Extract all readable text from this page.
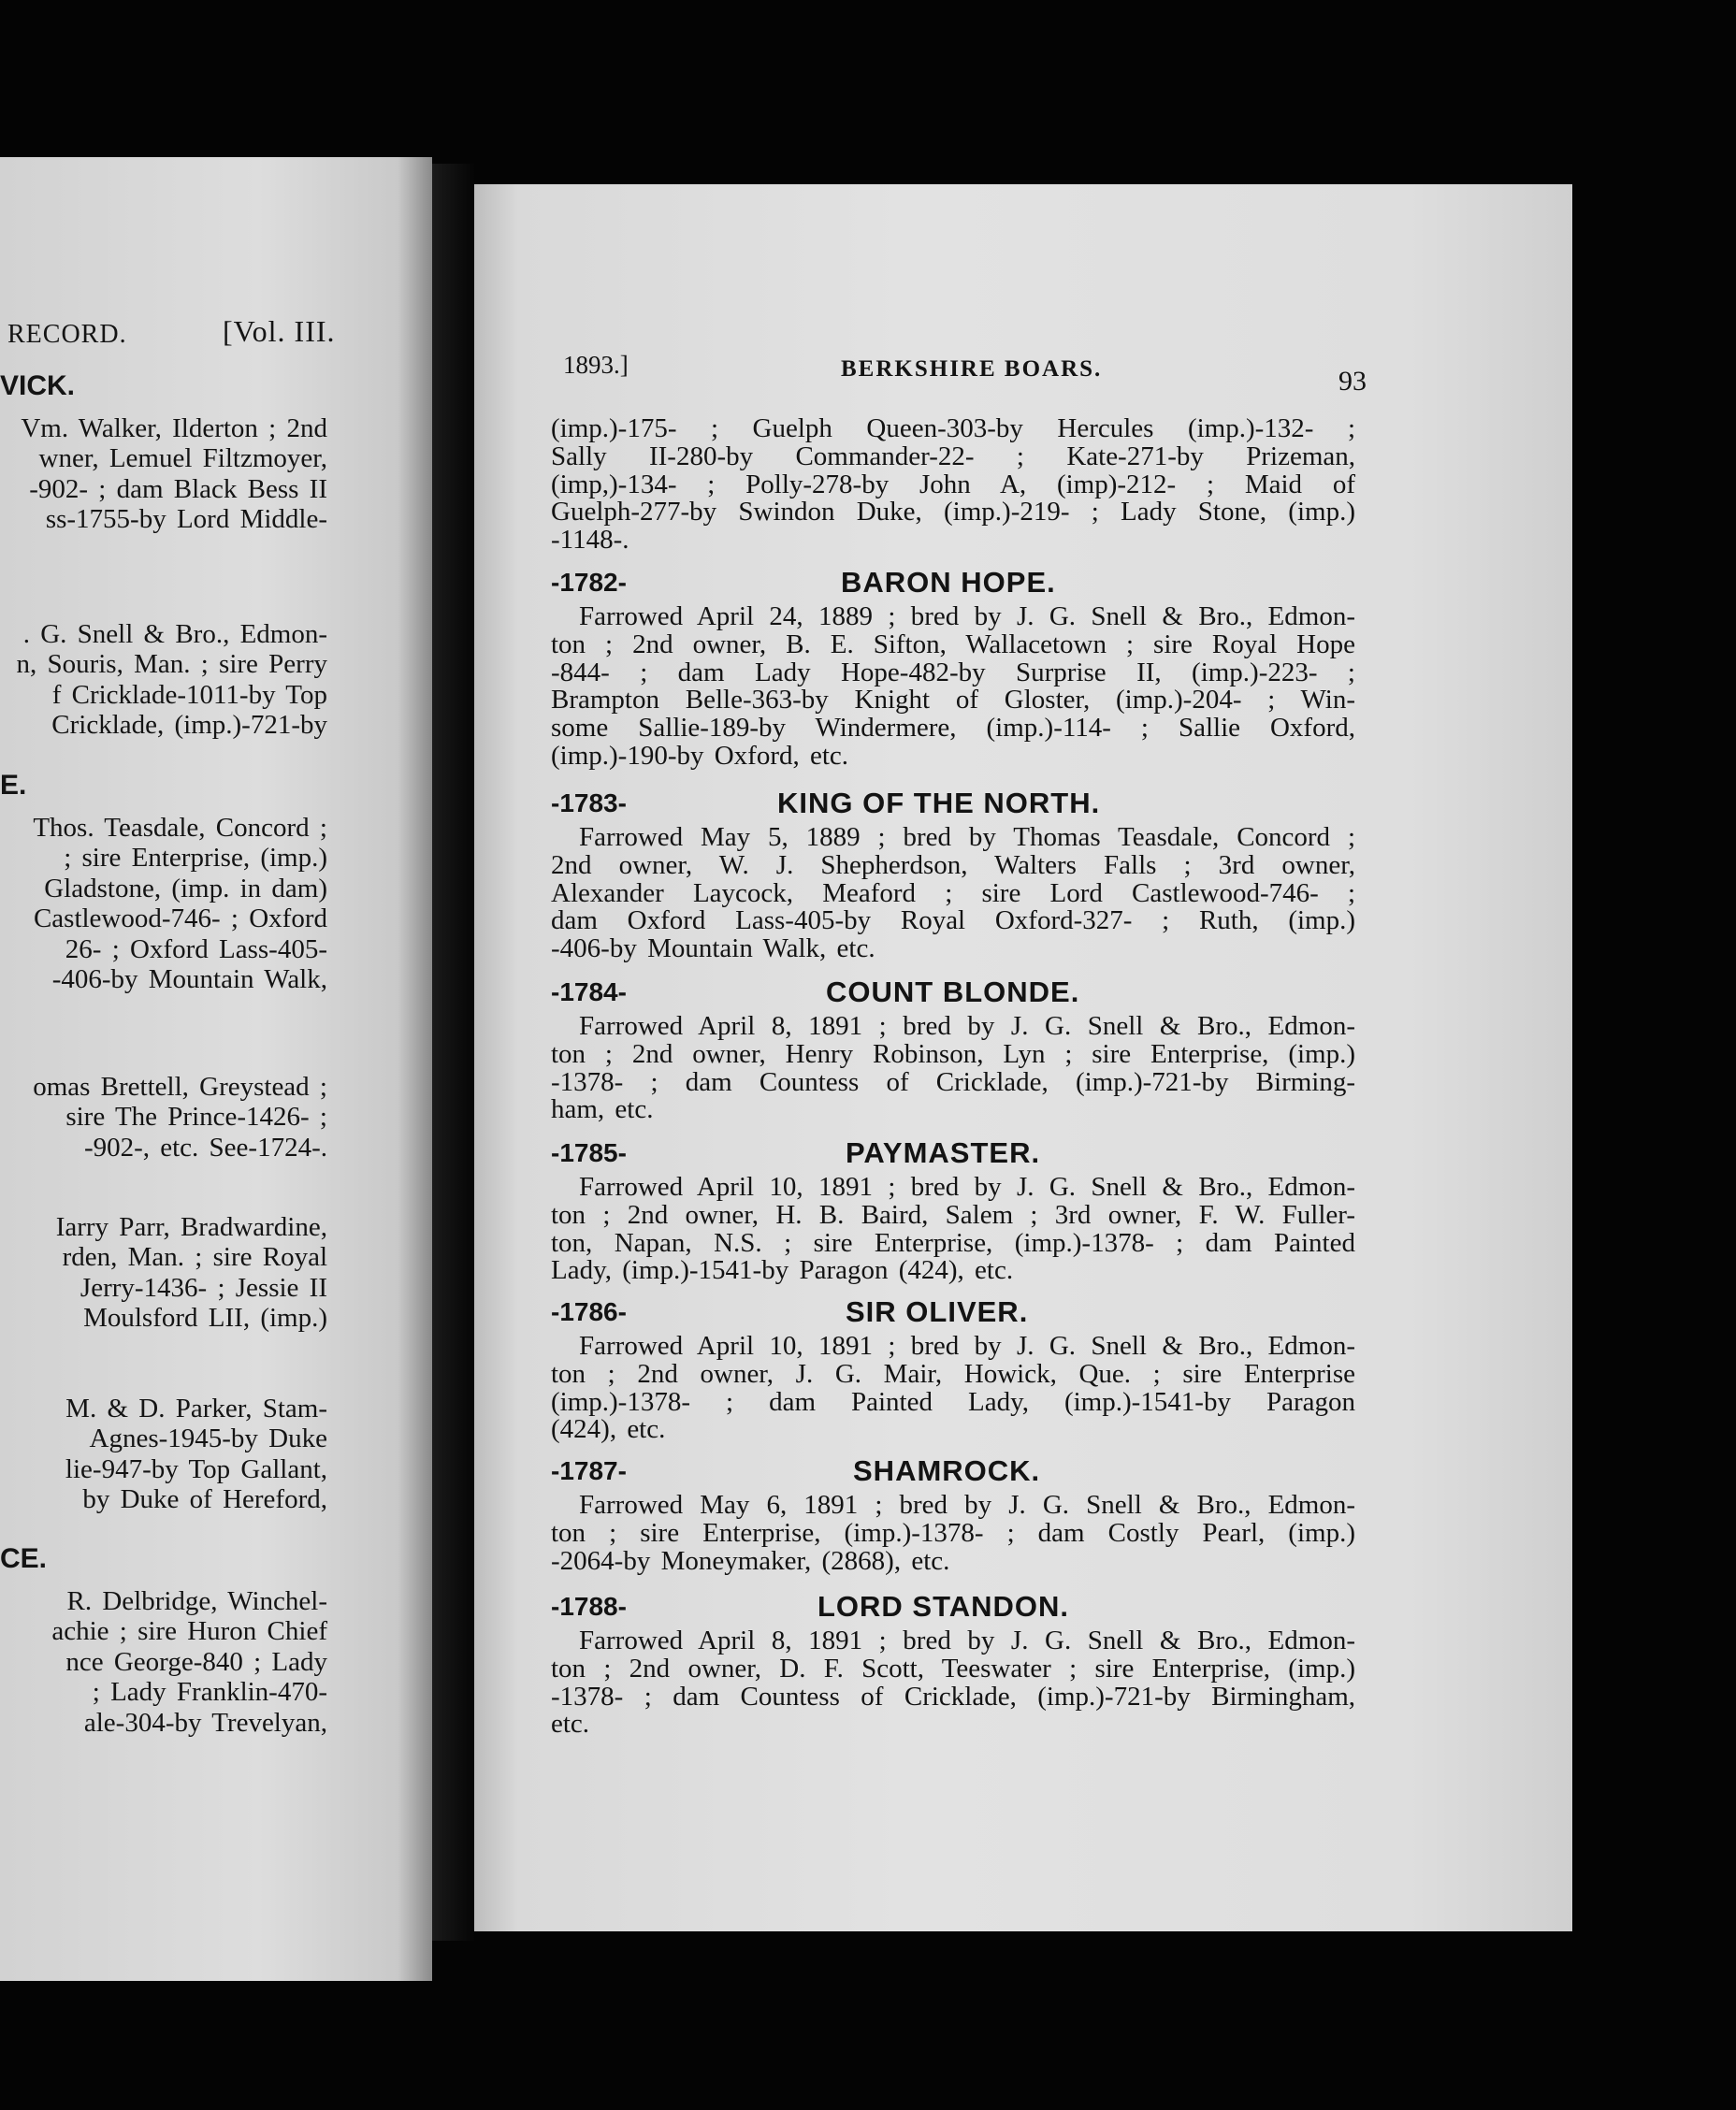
RECORD.	[Vol. III.
VICK.
Vm. Walker, Ilderton ; 2nd
wner, Lemuel Filtzmoyer,
-902- ; dam Black Bess II
ss-1755-by Lord Middle-
. G. Snell & Bro., Edmon-
n, Souris, Man. ; sire Perry
f Cricklade-1011-by Top
Cricklade, (imp.)-721-by
E.
Thos. Teasdale, Concord ;
; sire Enterprise, (imp.)
Gladstone, (imp. in dam)
Castlewood-746- ; Oxford
26- ; Oxford Lass-405-
-406-by Mountain Walk,
omas Brettell, Greystead ;
sire The Prince-1426- ;
-902-, etc. See-1724-.
Iarry Parr, Bradwardine,
rden, Man. ; sire Royal
Jerry-1436- ; Jessie II
Moulsford LII, (imp.)
M. & D. Parker, Stam-
Agnes-1945-by Duke
lie-947-by Top Gallant,
by Duke of Hereford,
CE.
R. Delbridge, Winchel-
achie ; sire Huron Chief
nce George-840 ; Lady
; Lady Franklin-470-
ale-304-by Trevelyan,
1893.]	BERKSHIRE BOARS.	93
(imp.)-175- ; Guelph Queen-303-by Hercules (imp.)-132- ;
Sally II-280-by Commander-22- ; Kate-271-by Prizeman,
(imp,)-134- ; Polly-278-by John A, (imp)-212- ; Maid of
Guelph-277-by Swindon Duke, (imp.)-219- ; Lady Stone, (imp.)
-1148-.
-1782-	BARON HOPE.
Farrowed April 24, 1889 ; bred by J. G. Snell & Bro., Edmon-
ton ; 2nd owner, B. E. Sifton, Wallacetown ; sire Royal Hope
-844- ; dam Lady Hope-482-by Surprise II, (imp.)-223- ;
Brampton Belle-363-by Knight of Gloster, (imp.)-204- ; Win-
some Sallie-189-by Windermere, (imp.)-114- ; Sallie Oxford,
(imp.)-190-by Oxford, etc.
-1783-	KING OF THE NORTH.
Farrowed May 5, 1889 ; bred by Thomas Teasdale, Concord ;
2nd owner, W. J. Shepherdson, Walters Falls ; 3rd owner,
Alexander Laycock, Meaford ; sire Lord Castlewood-746- ;
dam Oxford Lass-405-by Royal Oxford-327- ; Ruth, (imp.)
-406-by Mountain Walk, etc.
-1784-	COUNT BLONDE.
Farrowed April 8, 1891 ; bred by J. G. Snell & Bro., Edmon-
ton ; 2nd owner, Henry Robinson, Lyn ; sire Enterprise, (imp.)
-1378- ; dam Countess of Cricklade, (imp.)-721-by Birming-
ham, etc.
-1785-	PAYMASTER.
Farrowed April 10, 1891 ; bred by J. G. Snell & Bro., Edmon-
ton ; 2nd owner, H. B. Baird, Salem ; 3rd owner, F. W. Fuller-
ton, Napan, N.S. ; sire Enterprise, (imp.)-1378- ; dam Painted
Lady, (imp.)-1541-by Paragon (424), etc.
-1786-	SIR OLIVER.
Farrowed April 10, 1891 ; bred by J. G. Snell & Bro., Edmon-
ton ; 2nd owner, J. G. Mair, Howick, Que. ; sire Enterprise
(imp.)-1378- ; dam Painted Lady, (imp.)-1541-by Paragon
(424), etc.
-1787-	SHAMROCK.
Farrowed May 6, 1891 ; bred by J. G. Snell & Bro., Edmon-
ton ; sire Enterprise, (imp.)-1378- ; dam Costly Pearl, (imp.)
-2064-by Moneymaker, (2868), etc.
-1788-	LORD STANDON.
Farrowed April 8, 1891 ; bred by J. G. Snell & Bro., Edmon-
ton ; 2nd owner, D. F. Scott, Teeswater ; sire Enterprise, (imp.)
-1378- ; dam Countess of Cricklade, (imp.)-721-by Birmingham,
etc.
